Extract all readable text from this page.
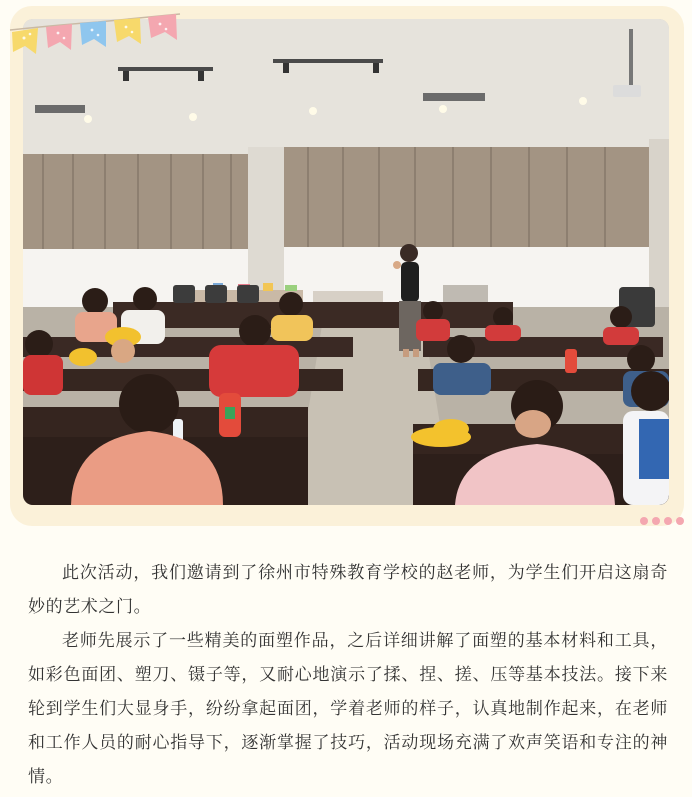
此次活动，我们邀请到了徐州市特殊教育学校的赵老师，为学生们开启这扇奇妙的艺术之门。

老师先展示了一些精美的面塑作品，之后详细讲解了面塑的基本材料和工具，如彩色面团、塑刀、镊子等，又耐心地演示了揉、捏、搓、压等基本技法。接下来轮到学生们大显身手，纷纷拿起面团，学着老师的样子，认真地制作起来，在老师和工作人员的耐心指导下，逐渐掌握了技巧，活动现场充满了欢声笑语和专注的神情。
